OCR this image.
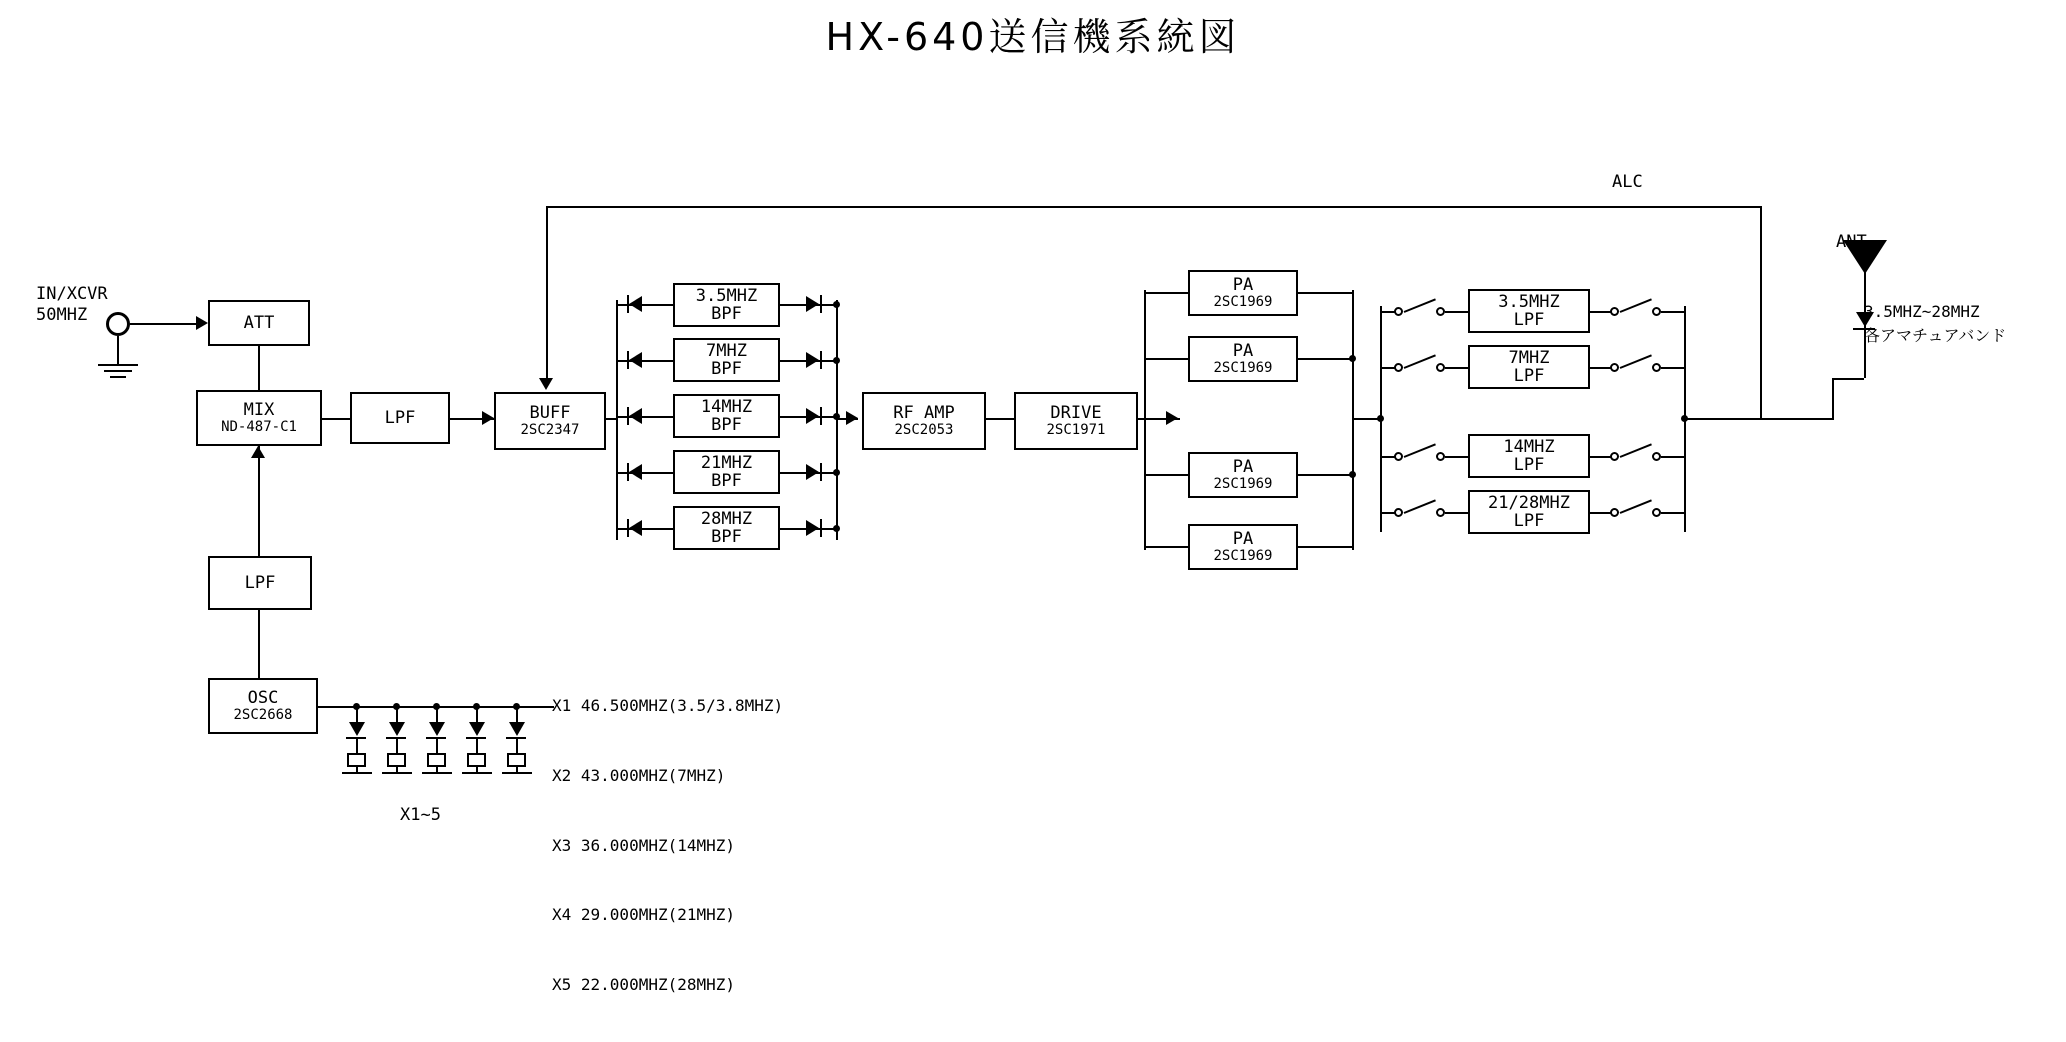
HX-640送信機系統図
IN/XCVR
50MHZ	ATT
MIX
ND-487-C1	LPF	BUFF
2SC2347
LPF
OSC
2SC2668
X1~5

X1 46.500MHZ(3.5/3.8MHZ)

X2 43.000MHZ(7MHZ)

X3 36.000MHZ(14MHZ)

X4 29.000MHZ(21MHZ)

X5 22.000MHZ(28MHZ)

3.5MHZ
BPF
7MHZ
BPF
14MHZ
BPF
21MHZ
BPF
28MHZ
BPF
RF AMP
2SC2053
DRIVE
2SC1971
PA
2SC1969
PA
2SC1969
PA
2SC1969
PA
2SC1969
3.5MHZ
LPF
7MHZ
LPF
14MHZ
LPF
21/28MHZ
LPF
ANT
3.5MHZ~28MHZ
各アマチュアバンド
ALC
